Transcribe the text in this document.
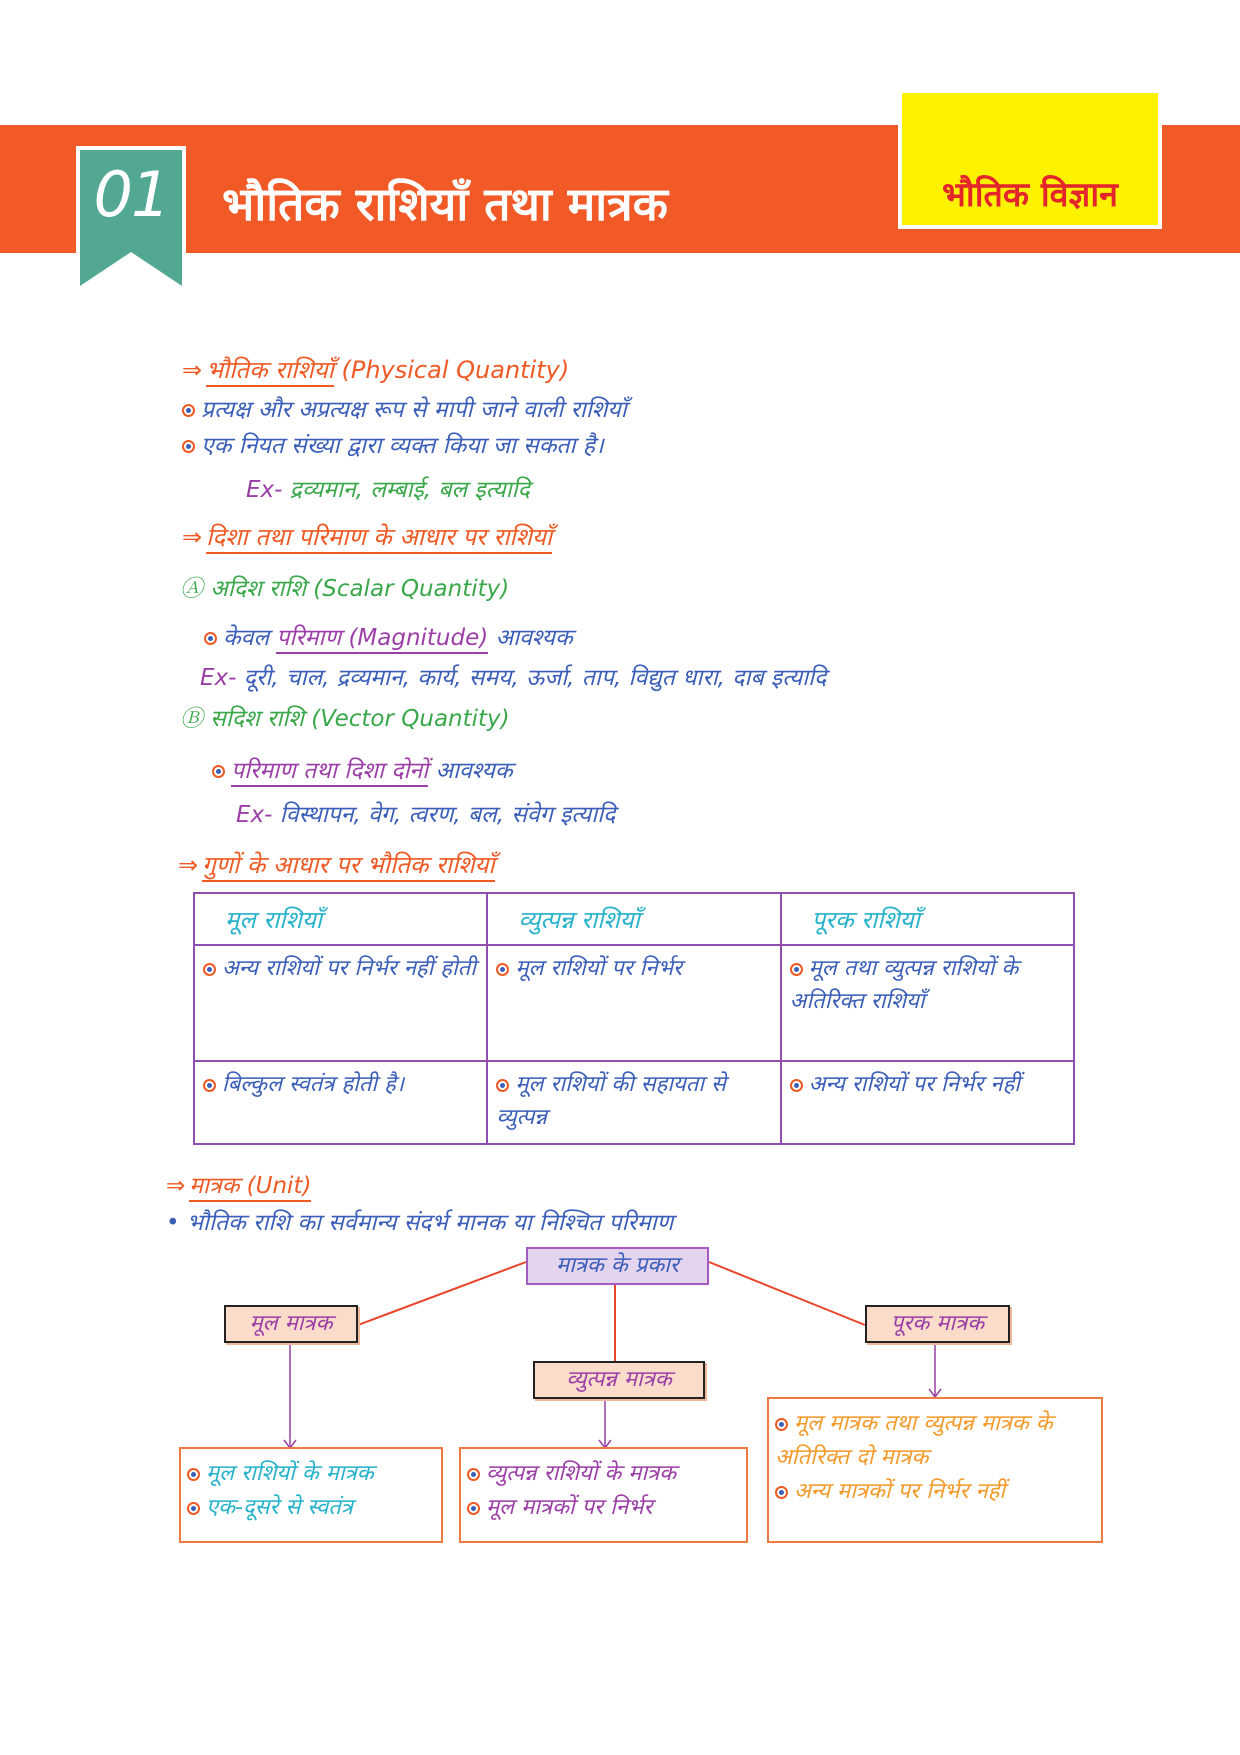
01	भौतिक राशियाँ तथा मात्रक	भौतिक विज्ञान
⇒ भौतिक राशियाँ (Physical Quantity)
प्रत्यक्ष और अप्रत्यक्ष रूप से मापी जाने वाली राशियाँ
एक नियत संख्या द्वारा व्यक्त किया जा सकता है।
Ex- द्रव्यमान, लम्बाई, बल इत्यादि
⇒ दिशा तथा परिमाण के आधार पर राशियाँ
Ⓐ अदिश राशि (Scalar Quantity)
केवल परिमाण (Magnitude) आवश्यक
Ex- दूरी, चाल, द्रव्यमान, कार्य, समय, ऊर्जा, ताप, विद्युत धारा, दाब इत्यादि
Ⓑ सदिश राशि (Vector Quantity)
परिमाण तथा दिशा दोनों आवश्यक
Ex- विस्थापन, वेग, त्वरण, बल, संवेग इत्यादि
⇒ गुणों के आधार पर भौतिक राशियाँ
मूल राशियाँ	व्युत्पन्न राशियाँ	पूरक राशियाँ
अन्य राशियों पर निर्भर नहीं होती	मूल राशियों पर निर्भर	मूल तथा व्युत्पन्न राशियों के अतिरिक्त राशियाँ
बिल्कुल स्वतंत्र होती है।	मूल राशियों की सहायता से व्युत्पन्न	अन्य राशियों पर निर्भर नहीं
⇒ मात्रक (Unit)
• भौतिक राशि का सर्वमान्य संदर्भ मानक या निश्चित परिमाण
मात्रक के प्रकार
मूल मात्रक
व्युत्पन्न मात्रक
पूरक मात्रक
मूल राशियों के मात्रक
एक-दूसरे से स्वतंत्र
व्युत्पन्न राशियों के मात्रक
मूल मात्रकों पर निर्भर
मूल मात्रक तथा व्युत्पन्न मात्रक के अतिरिक्त दो मात्रक
अन्य मात्रकों पर निर्भर नहीं
